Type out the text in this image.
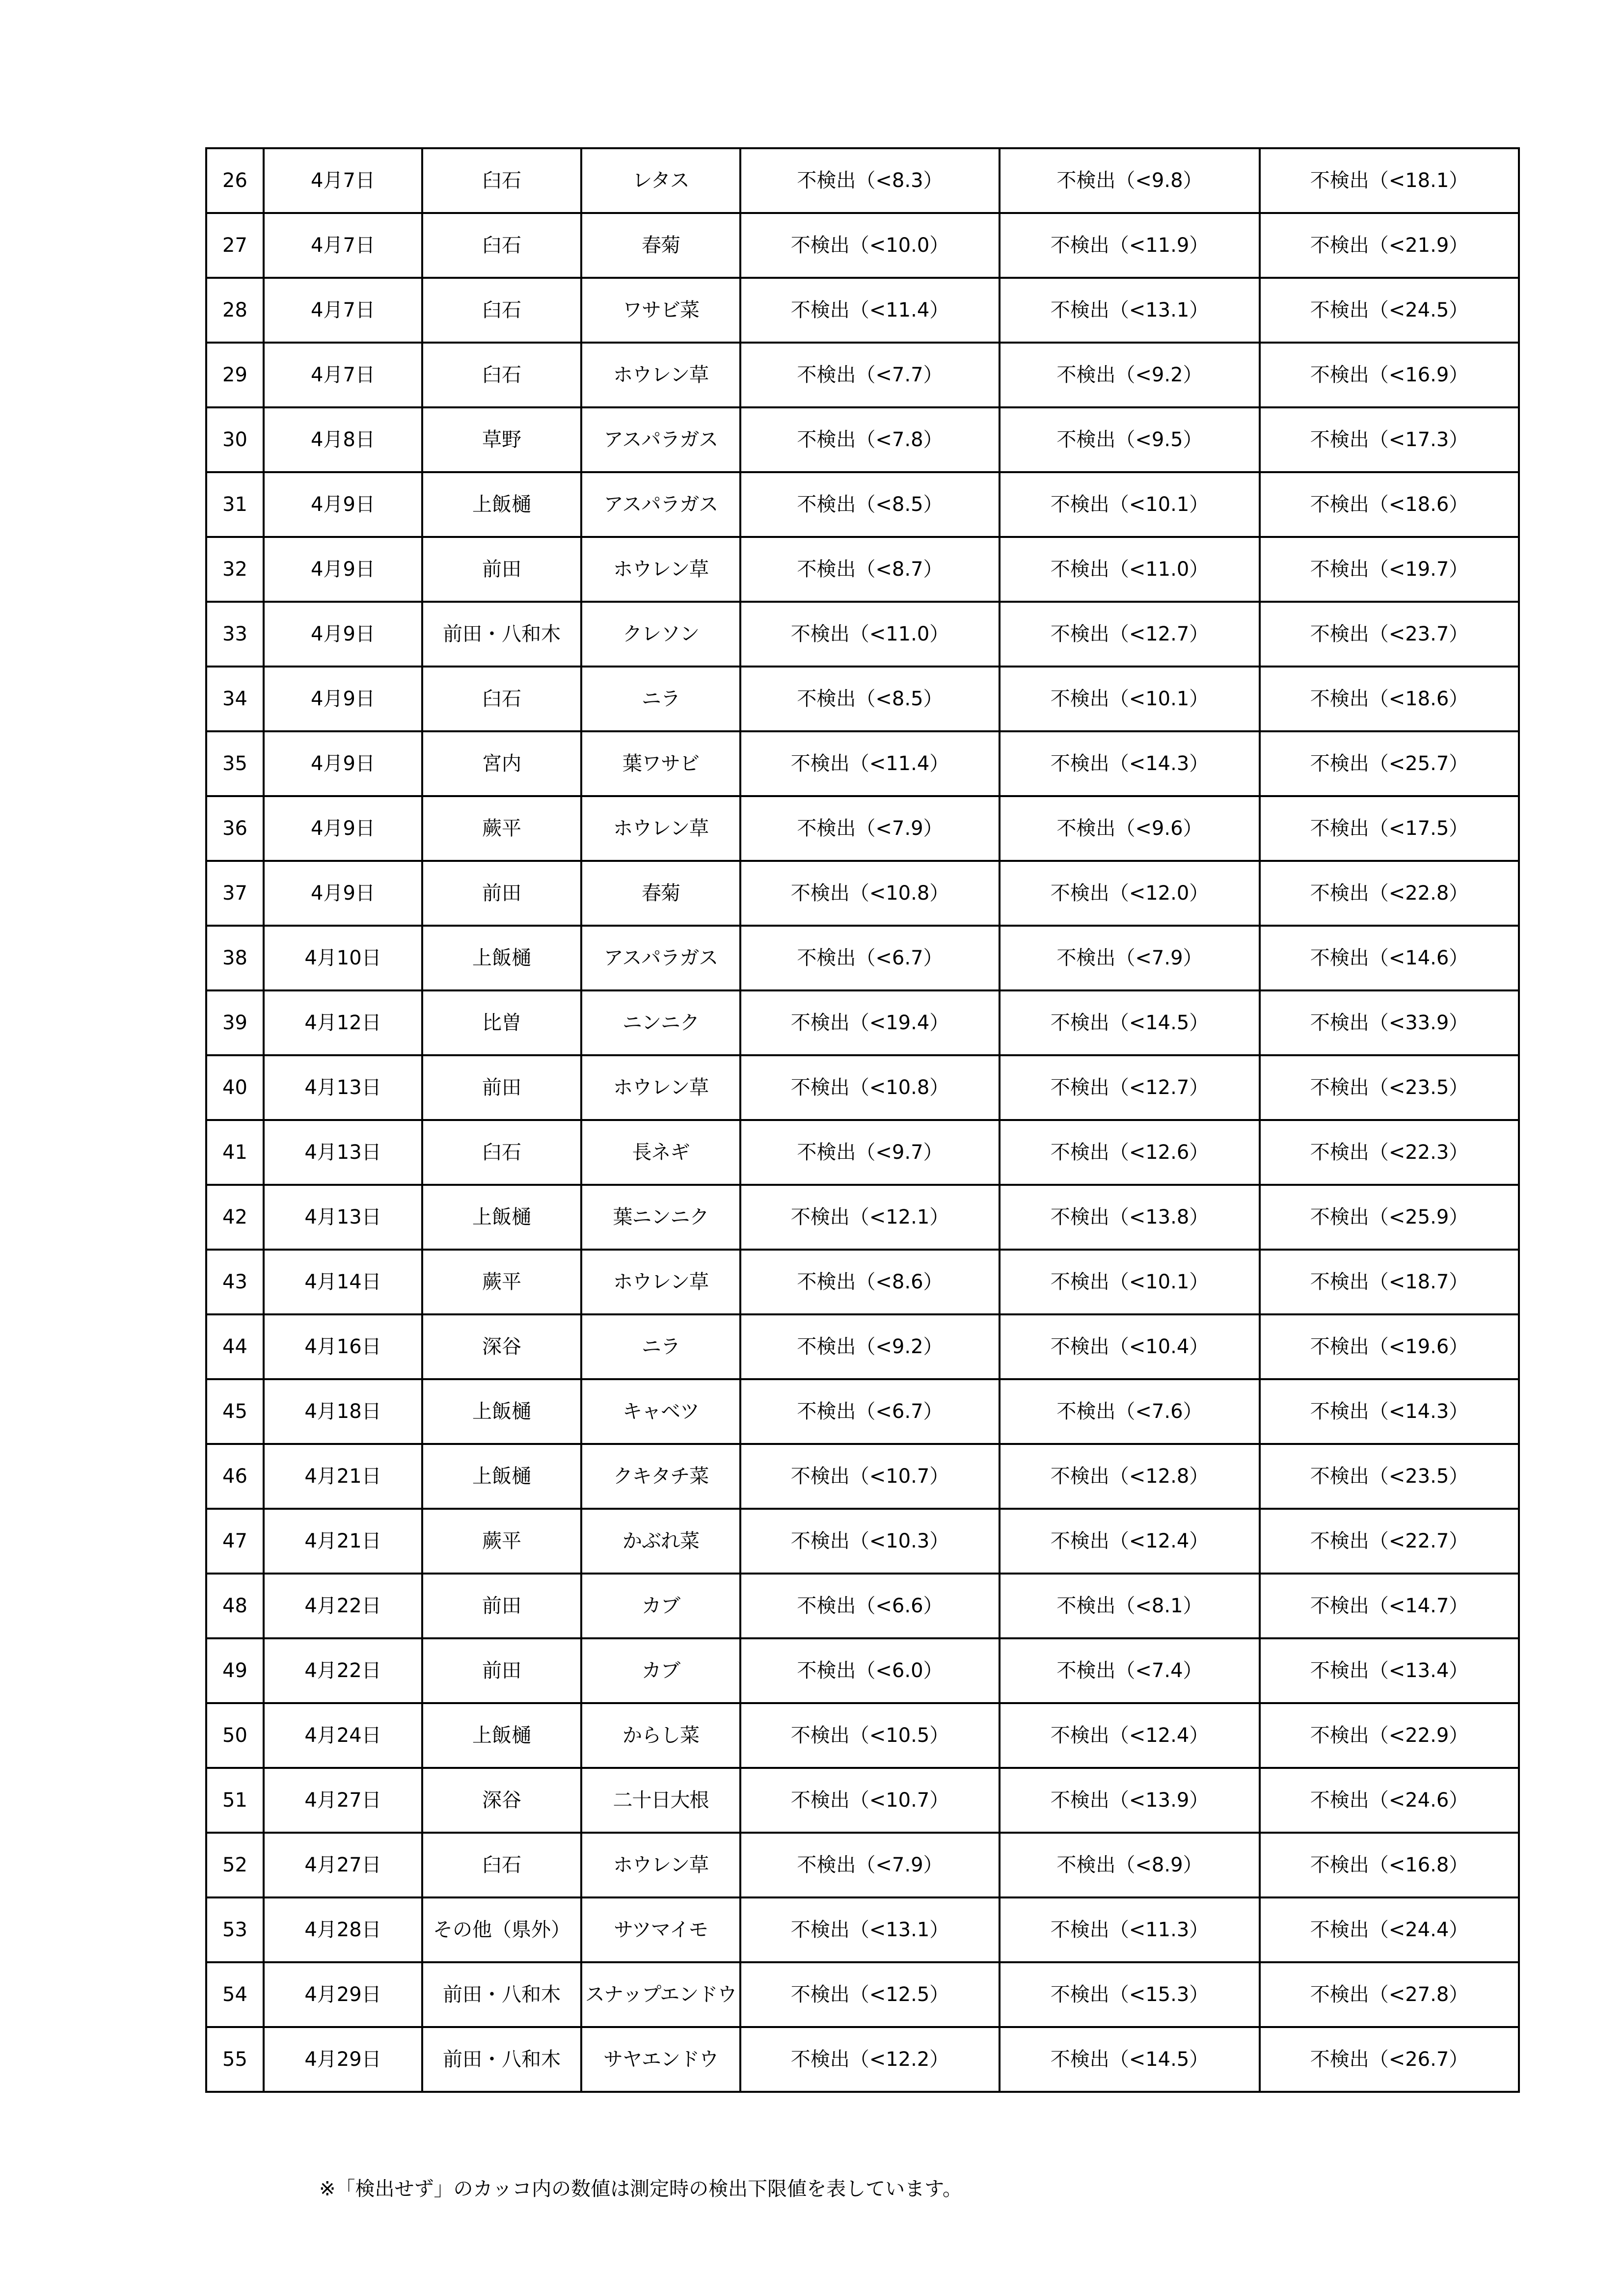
26	4月7日	臼石	レタス	不検出（<8.3）	不検出（<9.8）	不検出（<18.1）
27	4月7日	臼石	春菊	不検出（<10.0）	不検出（<11.9）	不検出（<21.9）
28	4月7日	臼石	ワサビ菜	不検出（<11.4）	不検出（<13.1）	不検出（<24.5）
29	4月7日	臼石	ホウレン草	不検出（<7.7）	不検出（<9.2）	不検出（<16.9）
30	4月8日	草野	アスパラガス	不検出（<7.8）	不検出（<9.5）	不検出（<17.3）
31	4月9日	上飯樋	アスパラガス	不検出（<8.5）	不検出（<10.1）	不検出（<18.6）
32	4月9日	前田	ホウレン草	不検出（<8.7）	不検出（<11.0）	不検出（<19.7）
33	4月9日	前田・八和木	クレソン	不検出（<11.0）	不検出（<12.7）	不検出（<23.7）
34	4月9日	臼石	ニラ	不検出（<8.5）	不検出（<10.1）	不検出（<18.6）
35	4月9日	宮内	葉ワサビ	不検出（<11.4）	不検出（<14.3）	不検出（<25.7）
36	4月9日	蕨平	ホウレン草	不検出（<7.9）	不検出（<9.6）	不検出（<17.5）
37	4月9日	前田	春菊	不検出（<10.8）	不検出（<12.0）	不検出（<22.8）
38	4月10日	上飯樋	アスパラガス	不検出（<6.7）	不検出（<7.9）	不検出（<14.6）
39	4月12日	比曽	ニンニク	不検出（<19.4）	不検出（<14.5）	不検出（<33.9）
40	4月13日	前田	ホウレン草	不検出（<10.8）	不検出（<12.7）	不検出（<23.5）
41	4月13日	臼石	長ネギ	不検出（<9.7）	不検出（<12.6）	不検出（<22.3）
42	4月13日	上飯樋	葉ニンニク	不検出（<12.1）	不検出（<13.8）	不検出（<25.9）
43	4月14日	蕨平	ホウレン草	不検出（<8.6）	不検出（<10.1）	不検出（<18.7）
44	4月16日	深谷	ニラ	不検出（<9.2）	不検出（<10.4）	不検出（<19.6）
45	4月18日	上飯樋	キャベツ	不検出（<6.7）	不検出（<7.6）	不検出（<14.3）
46	4月21日	上飯樋	クキタチ菜	不検出（<10.7）	不検出（<12.8）	不検出（<23.5）
47	4月21日	蕨平	かぶれ菜	不検出（<10.3）	不検出（<12.4）	不検出（<22.7）
48	4月22日	前田	カブ	不検出（<6.6）	不検出（<8.1）	不検出（<14.7）
49	4月22日	前田	カブ	不検出（<6.0）	不検出（<7.4）	不検出（<13.4）
50	4月24日	上飯樋	からし菜	不検出（<10.5）	不検出（<12.4）	不検出（<22.9）
51	4月27日	深谷	二十日大根	不検出（<10.7）	不検出（<13.9）	不検出（<24.6）
52	4月27日	臼石	ホウレン草	不検出（<7.9）	不検出（<8.9）	不検出（<16.8）
53	4月28日	その他（県外）	サツマイモ	不検出（<13.1）	不検出（<11.3）	不検出（<24.4）
54	4月29日	前田・八和木	スナップエンドウ	不検出（<12.5）	不検出（<15.3）	不検出（<27.8）
55	4月29日	前田・八和木	サヤエンドウ	不検出（<12.2）	不検出（<14.5）	不検出（<26.7）
※「検出せず」のカッコ内の数値は測定時の検出下限値を表しています。
